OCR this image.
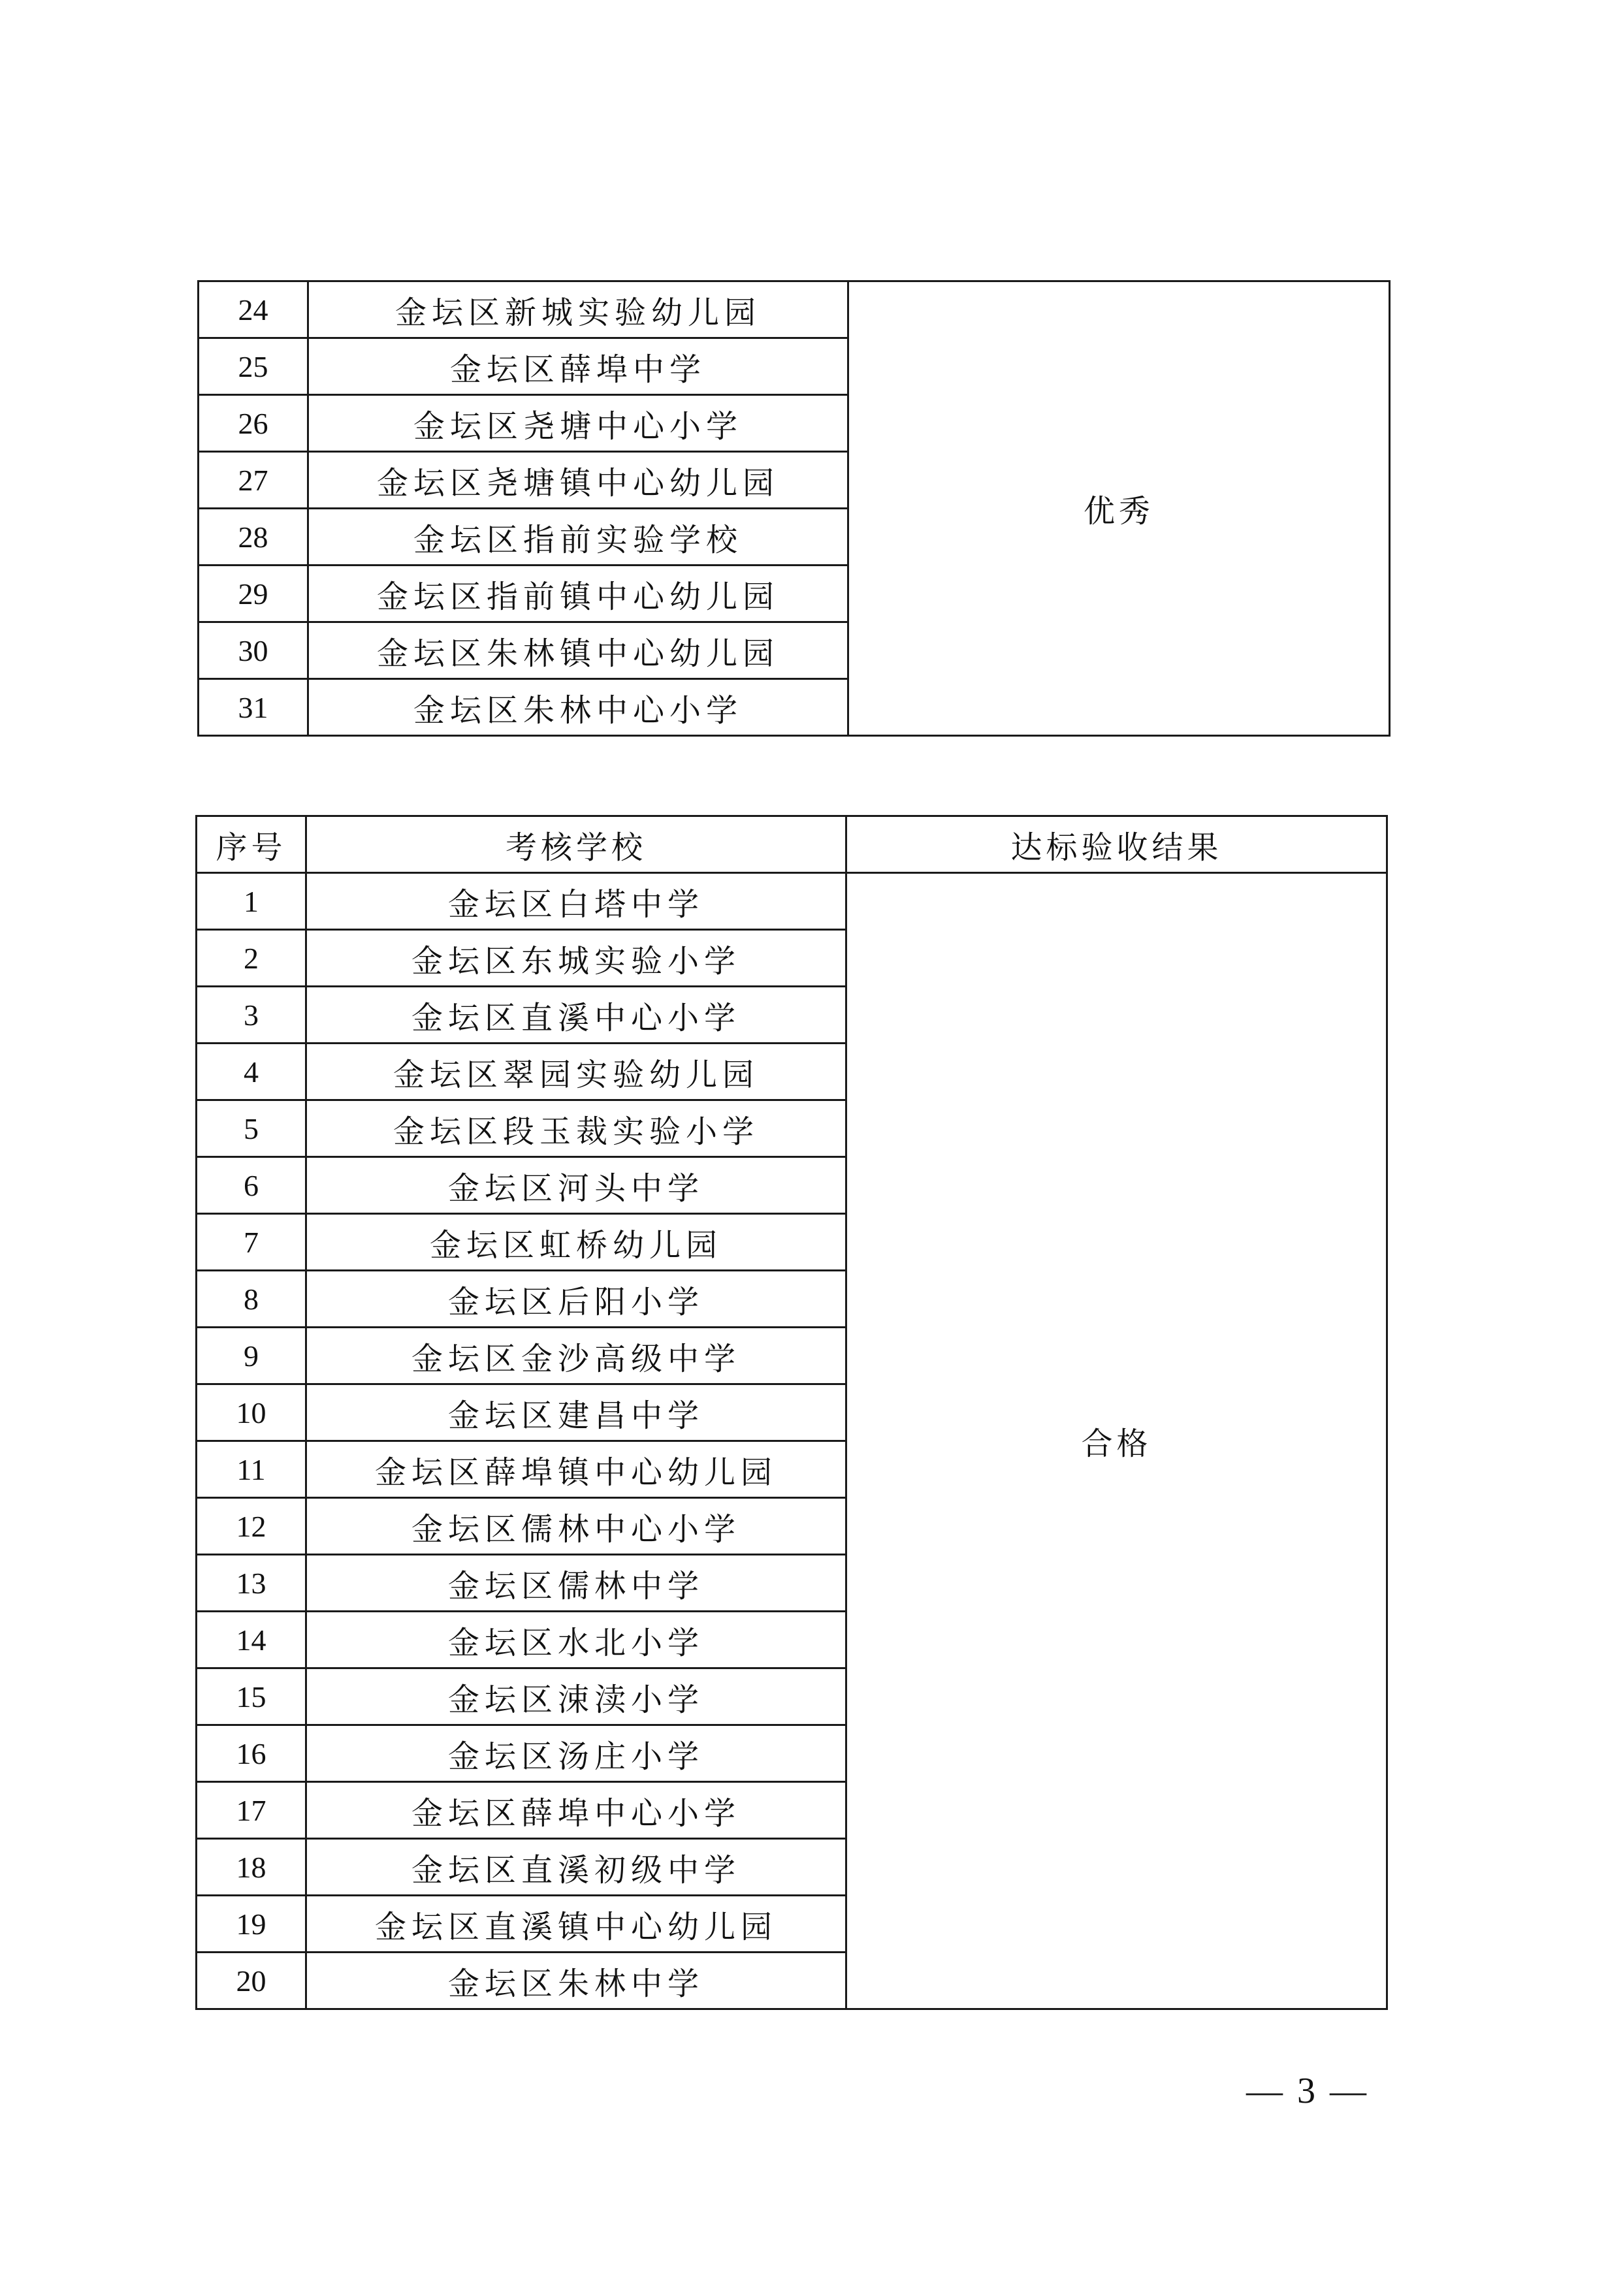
24	金坛区新城实验幼儿园	优秀
25	金坛区薛埠中学	
26	金坛区尧塘中心小学	
27	金坛区尧塘镇中心幼儿园	
28	金坛区指前实验学校	
29	金坛区指前镇中心幼儿园	
30	金坛区朱林镇中心幼儿园	
31	金坛区朱林中心小学	
序号	考核学校	达标验收结果
1	金坛区白塔中学	合格
2	金坛区东城实验小学	
3	金坛区直溪中心小学	
4	金坛区翠园实验幼儿园	
5	金坛区段玉裁实验小学	
6	金坛区河头中学	
7	金坛区虹桥幼儿园	
8	金坛区后阳小学	
9	金坛区金沙高级中学	
10	金坛区建昌中学	
11	金坛区薛埠镇中心幼儿园	
12	金坛区儒林中心小学	
13	金坛区儒林中学	
14	金坛区水北小学	
15	金坛区涑渎小学	
16	金坛区汤庄小学	
17	金坛区薛埠中心小学	
18	金坛区直溪初级中学	
19	金坛区直溪镇中心幼儿园	
20	金坛区朱林中学	
— 3 —
